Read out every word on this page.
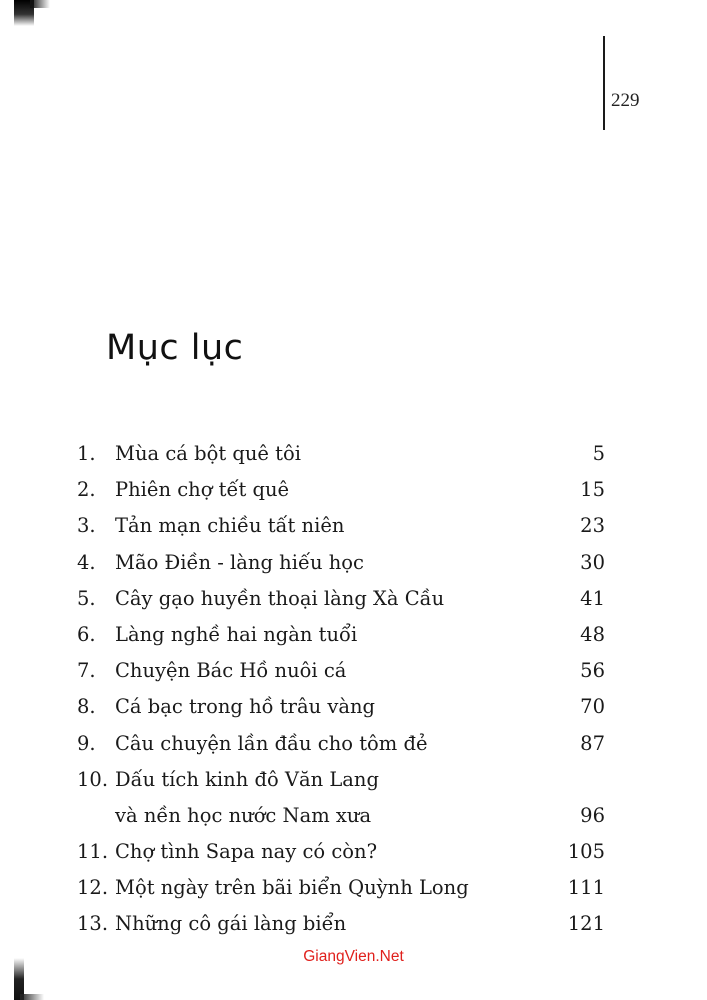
229
Mục lục
1. Mùa cá bột quê tôi	5
2. Phiên chợ tết quê	15
3. Tản mạn chiều tất niên	23
4. Mão Điền - làng hiếu học	30
5. Cây gạo huyền thoại làng Xà Cầu	41
6. Làng nghề hai ngàn tuổi	48
7. Chuyện Bác Hồ nuôi cá	56
8. Cá bạc trong hồ trâu vàng	70
9. Câu chuyện lần đầu cho tôm đẻ	87
10. Dấu tích kinh đô Văn Lang
và nền học nước Nam xưa	96
11. Chợ tình Sapa nay có còn?	105
12. Một ngày trên bãi biển Quỳnh Long	111
13. Những cô gái làng biển	121
GiangVien.Net
